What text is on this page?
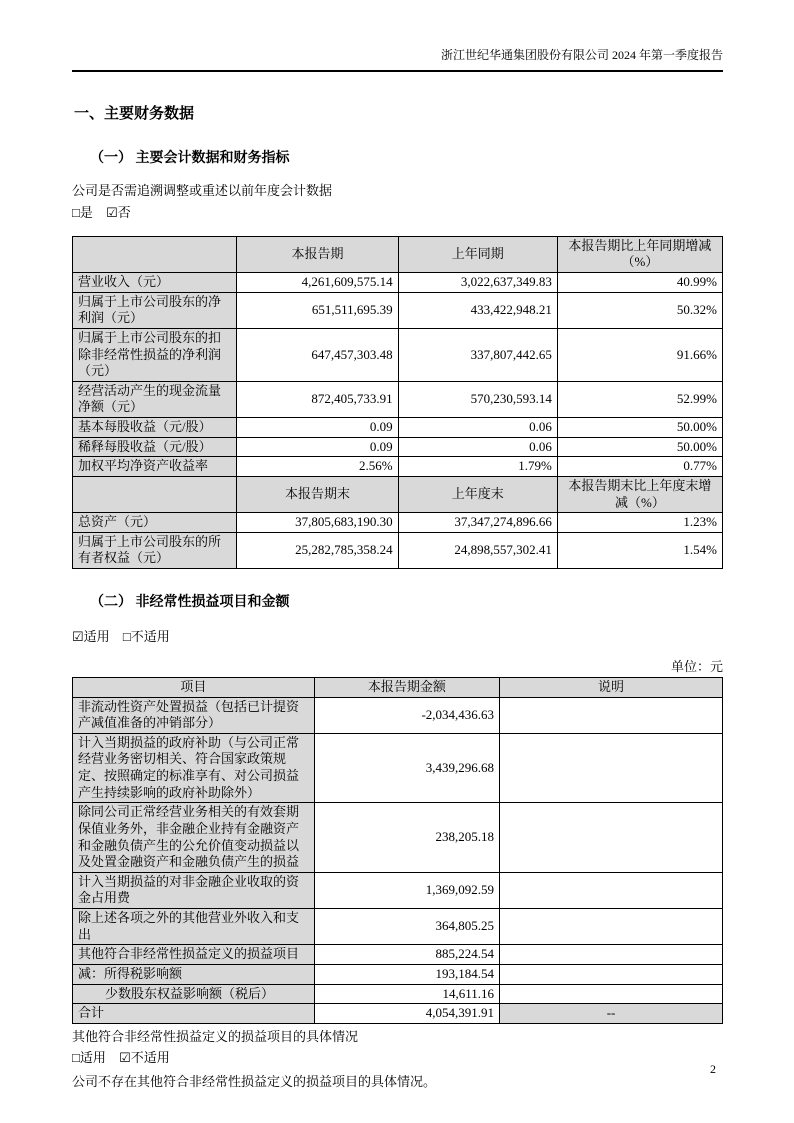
浙江世纪华通集团股份有限公司 2024 年第一季度报告
一、主要财务数据
（一） 主要会计数据和财务指标

公司是否需追溯调整或重述以前年度会计数据

□是 ☑否

	本报告期	上年同期	本报告期比上年同期增减（%）
营业收入（元）	4,261,609,575.14	3,022,637,349.83	40.99%
归属于上市公司股东的净利润（元）	651,511,695.39	433,422,948.21	50.32%
归属于上市公司股东的扣除非经常性损益的净利润（元）	647,457,303.48	337,807,442.65	91.66%
经营活动产生的现金流量净额（元）	872,405,733.91	570,230,593.14	52.99%
基本每股收益（元/股）	0.09	0.06	50.00%
稀释每股收益（元/股）	0.09	0.06	50.00%
加权平均净资产收益率	2.56%	1.79%	0.77%
	本报告期末	上年度末	本报告期末比上年度末增减（%）
总资产（元）	37,805,683,190.30	37,347,274,896.66	1.23%
归属于上市公司股东的所有者权益（元）	25,282,785,358.24	24,898,557,302.41	1.54%
（二） 非经常性损益项目和金额

☑适用 □不适用

单位：元
项目	本报告期金额	说明
非流动性资产处置损益（包括已计提资产减值准备的冲销部分）	-2,034,436.63	
计入当期损益的政府补助（与公司正常经营业务密切相关、符合国家政策规定、按照确定的标准享有、对公司损益产生持续影响的政府补助除外）	3,439,296.68	
除同公司正常经营业务相关的有效套期保值业务外，非金融企业持有金融资产和金融负债产生的公允价值变动损益以及处置金融资产和金融负债产生的损益	238,205.18	
计入当期损益的对非金融企业收取的资金占用费	1,369,092.59	
除上述各项之外的其他营业外收入和支出	364,805.25	
其他符合非经常性损益定义的损益项目	885,224.54	
减：所得税影响额	193,184.54	
少数股东权益影响额（税后）	14,611.16	
合计	4,054,391.91	--

其他符合非经常性损益定义的损益项目的具体情况

□适用 ☑不适用

公司不存在其他符合非经常性损益定义的损益项目的具体情况。

2
